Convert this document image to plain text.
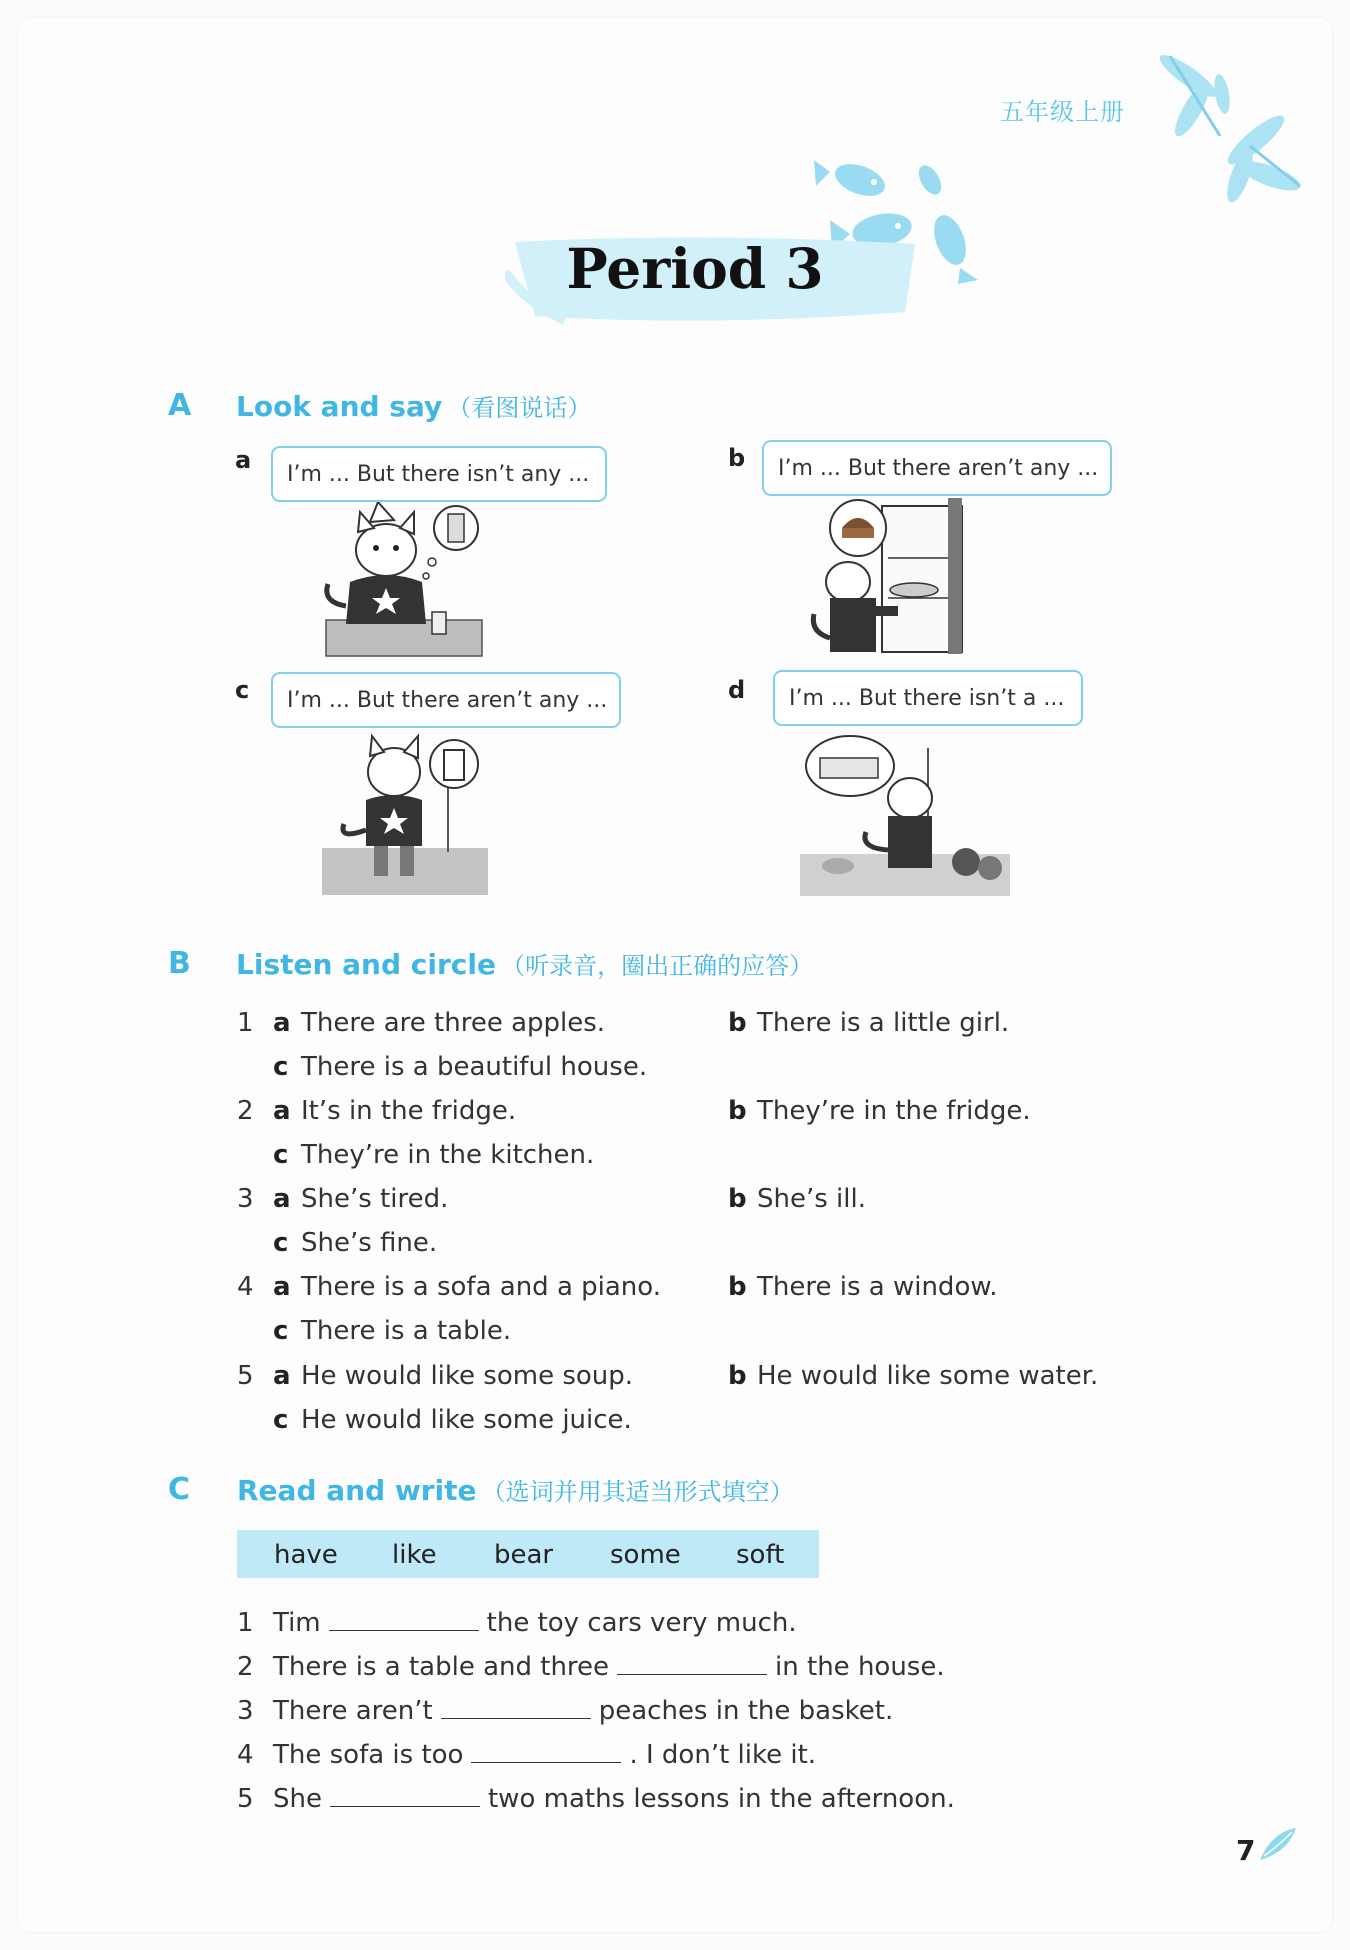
五年级上册
Period 3
A Look and say （看图说话）
a I’m ... But there isn’t any ...
b I’m ... But there aren’t any ...
c I’m ... But there aren’t any ...	d I’m ... But there isn’t a ...
B Listen and circle （听录音，圈出正确的应答）
1 a There are three apples.	b There is a little girl.
c There is a beautiful house.
2 a It’s in the fridge.	b They’re in the fridge.
c They’re in the kitchen.
3 a She’s tired.	b She’s ill.
c She’s fine.
4 a There is a sofa and a piano.	b There is a window.
c There is a table.
5 a He would like some soup.	b He would like some water.
c He would like some juice.
C Read and write （选词并用其适当形式填空）
have like bear some soft
1 Tim	the toy cars very much.
2 There is a table and three	in the house.
3 There aren’t	peaches in the basket.
4 The sofa is too	. I don’t like it.
5 She	two maths lessons in the afternoon.
7
